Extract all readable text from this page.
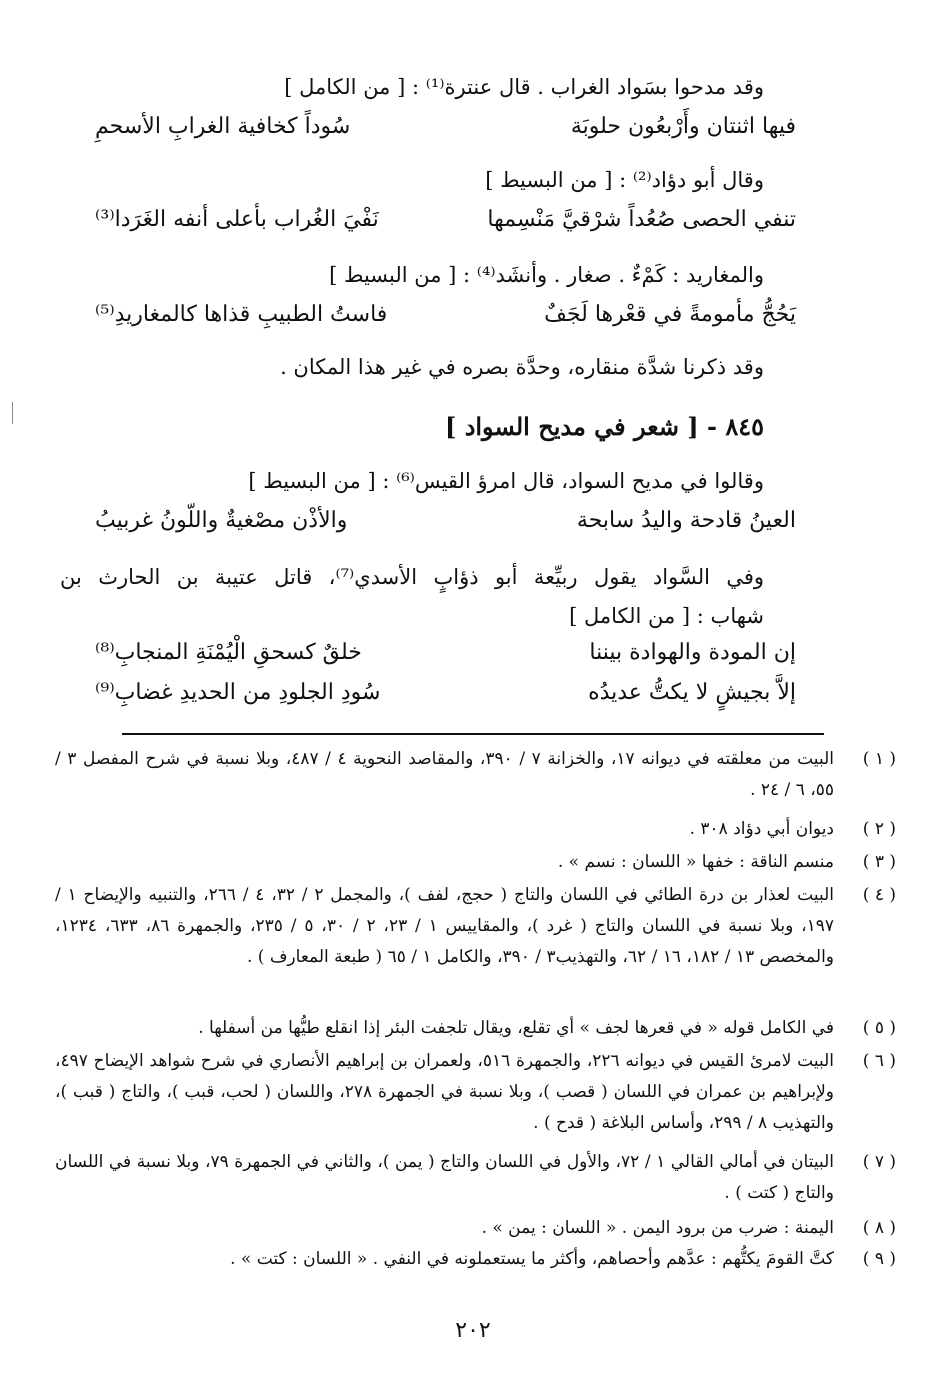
وقد مدحوا بسَواد الغراب . قال عنترة⁽¹⁾ : [ من الكامل ]
فيها اثنتان وأَرْبعُون حلوبَة
سُوداً كخافية الغرابِ الأسحمِ
وقال أبو دؤاد⁽²⁾ : [ من البسيط ]
تنفي الحصى صُعُداً شرْقيَّ مَنْسِمها
نَفْيَ الغُراب بأعلى أنفه الغَرَدا⁽³⁾
والمغاريد : كَمْءٌ . صغار . وأنشَد⁽⁴⁾ : [ من البسيط ]
يَحُجُّ مأمومةً في قعْرها لَجَفٌ
فاستُ الطبيبِ قذاها كالمغاريدِ⁽⁵⁾
وقد ذكرنا شدَّة منقاره، وحدَّة بصره في غير هذا المكان .
٨٤٥ - [ شعر في مديح السواد ]
وقالوا في مديح السواد، قال امرؤ القيس⁽⁶⁾ : [ من البسيط ]
العينُ قادحة واليدُ سابحة
والأذْن مصْغيةٌ واللّونُ غربيبُ
وفي السَّواد يقول ربيِّعة أبو ذؤابٍ الأسدي⁽⁷⁾، قاتل عتيبة بن الحارث بن
شهاب : [ من الكامل ]
إن المودة والهوادة بيننا
خلقٌ كسحقِ الْيُمْنَةِ المنجابِ⁽⁸⁾
إلاَّ بجيشٍ لا يكتُّ عديدُه
سُودِ الجلودِ من الحديدِ غضابِ⁽⁹⁾
( ١ )
البيت من معلقته في ديوانه ١٧، والخزانة ٧ / ٣٩٠، والمقاصد النحوية ٤ / ٤٨٧، وبلا نسبة في شرح المفصل ٣ / ٥٥، ٦ / ٢٤ .
( ٢ )
ديوان أبي دؤاد ٣٠٨ .
( ٣ )
منسم الناقة : خفها « اللسان : نسم » .
( ٤ )
البيت لعذار بن درة الطائي في اللسان والتاج ( حجج، لفف )، والمجمل ٢ / ٣٢، ٤ / ٢٦٦، والتنبيه والإيضاح ١ / ١٩٧، وبلا نسبة في اللسان والتاج ( غرد )، والمقاييس ١ / ٢٣، ٢ / ٣٠، ٥ / ٢٣٥، والجمهرة ٨٦، ٦٣٣، ١٢٣٤، والمخصص ١٣ / ١٨٢، ١٦ / ٦٢، والتهذيب٣ / ٣٩٠، والكامل ١ / ٦٥ ( طبعة المعارف ) .
( ٥ )
في الكامل قوله « في قعرها لجف » أي تقلع، ويقال تلجفت البئر إذا انقلع طيُّها من أسفلها .
( ٦ )
البيت لامرئ القيس في ديوانه ٢٢٦، والجمهرة ٥١٦، ولعمران بن إبراهيم الأنصاري في شرح شواهد الإيضاح ٤٩٧، ولإبراهيم بن عمران في اللسان ( قصب )، وبلا نسبة في الجمهرة ٢٧٨، واللسان ( لحب، قبب )، والتاج ( قبب )، والتهذيب ٨ / ٢٩٩، وأساس البلاغة ( قدح ) .
( ٧ )
البيتان في أمالي القالي ١ / ٧٢، والأول في اللسان والتاج ( يمن )، والثاني في الجمهرة ٧٩، وبلا نسبة في اللسان والتاج ( كتت ) .
( ٨ )
اليمنة : ضرب من برود اليمن . « اللسان : يمن » .
( ٩ )
كتَّ القومَ يكتُّهم : عدَّهم وأحصاهم، وأكثر ما يستعملونه في النفي . « اللسان : كتت » .
٢٠٢
